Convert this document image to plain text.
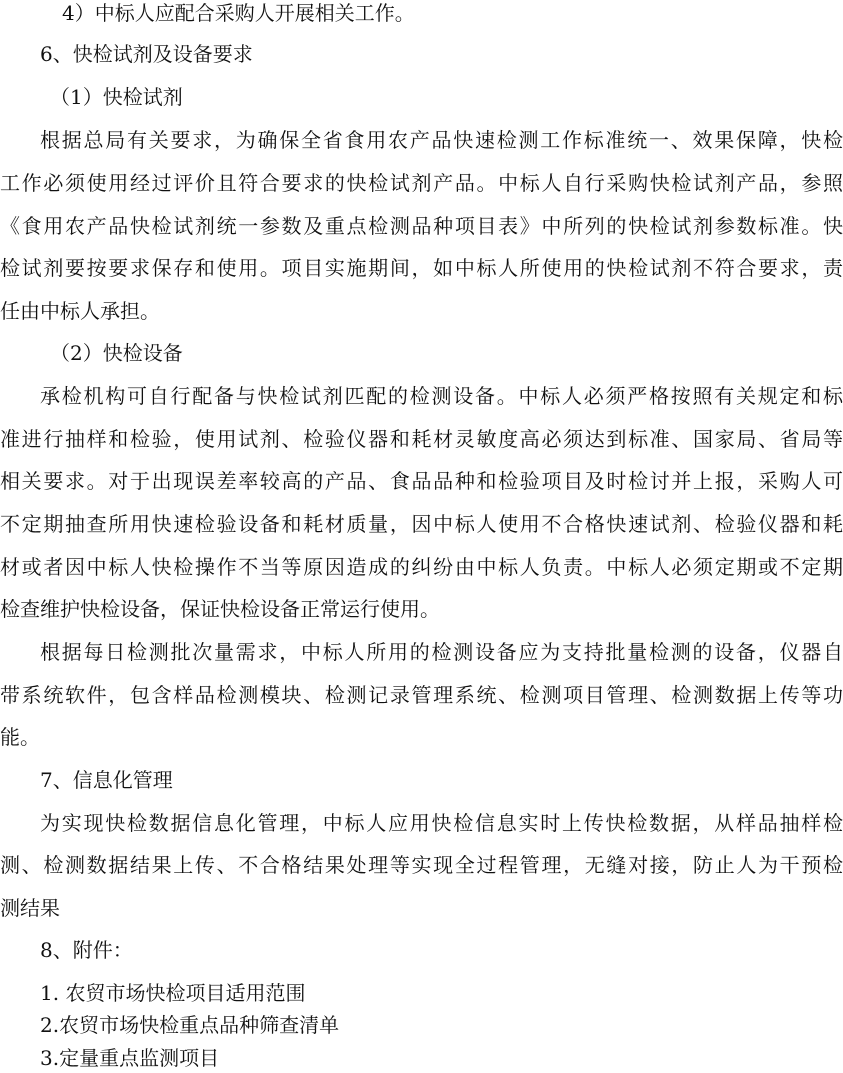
4）中标人应配合采购人开展相关工作。
6、快检试剂及设备要求
（1）快检试剂
根据总局有关要求，为确保全省食用农产品快速检测工作标准统一、效果保障，快检
工作必须使用经过评价且符合要求的快检试剂产品。中标人自行采购快检试剂产品，参照
《食用农产品快检试剂统一参数及重点检测品种项目表》中所列的快检试剂参数标准。快
检试剂要按要求保存和使用。项目实施期间，如中标人所使用的快检试剂不符合要求，责
任由中标人承担。
（2）快检设备
承检机构可自行配备与快检试剂匹配的检测设备。中标人必须严格按照有关规定和标
准进行抽样和检验，使用试剂、检验仪器和耗材灵敏度高必须达到标准、国家局、省局等
相关要求。对于出现误差率较高的产品、食品品种和检验项目及时检讨并上报，采购人可
不定期抽查所用快速检验设备和耗材质量，因中标人使用不合格快速试剂、检验仪器和耗
材或者因中标人快检操作不当等原因造成的纠纷由中标人负责。中标人必须定期或不定期
检查维护快检设备，保证快检设备正常运行使用。
根据每日检测批次量需求，中标人所用的检测设备应为支持批量检测的设备，仪器自
带系统软件，包含样品检测模块、检测记录管理系统、检测项目管理、检测数据上传等功
能。
7、信息化管理
为实现快检数据信息化管理，中标人应用快检信息实时上传快检数据，从样品抽样检
测、检测数据结果上传、不合格结果处理等实现全过程管理，无缝对接，防止人为干预检
测结果
8、附件：
1. 农贸市场快检项目适用范围
2.农贸市场快检重点品种筛查清单
3.定量重点监测项目
